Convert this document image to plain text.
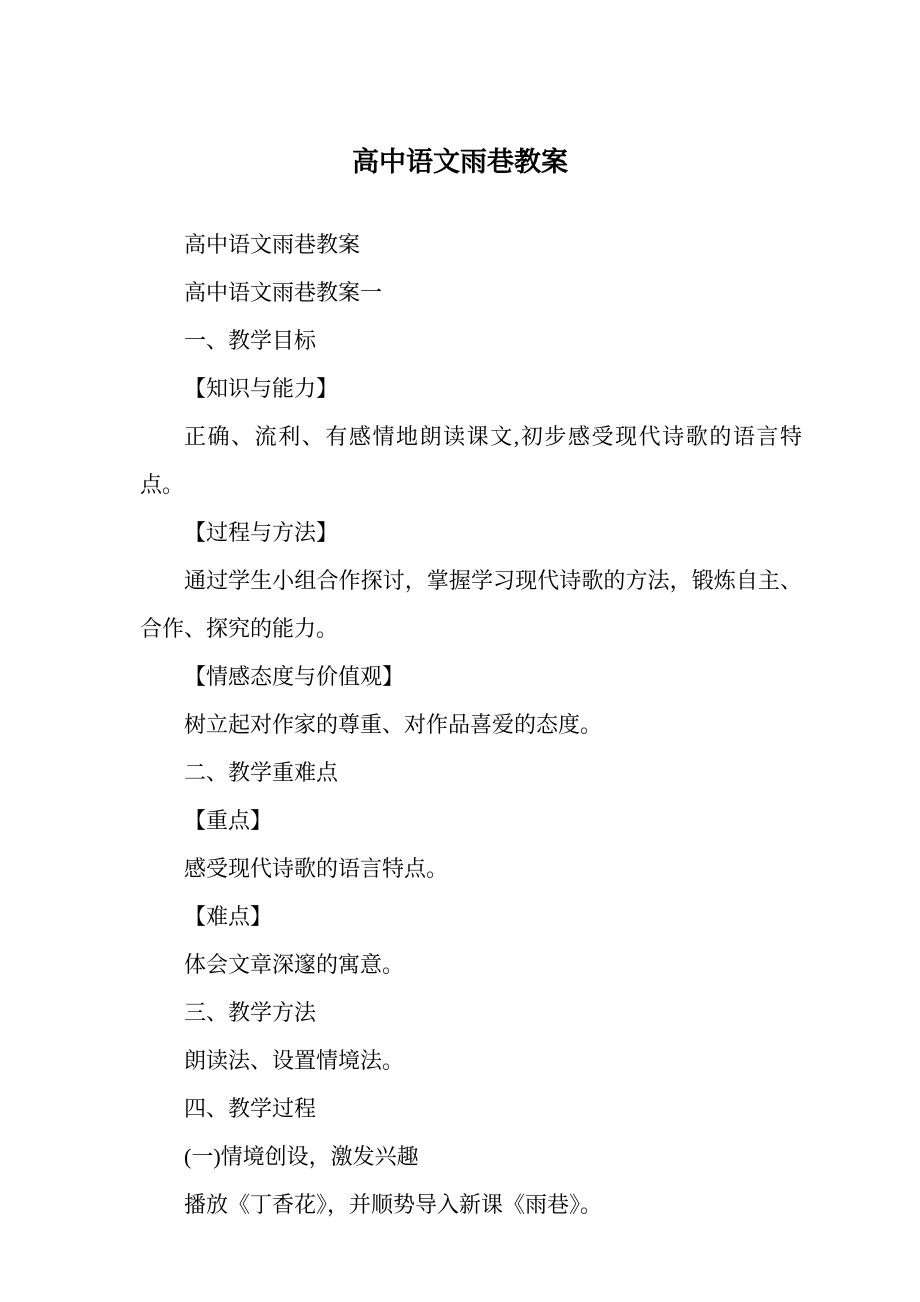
高中语文雨巷教案

高中语文雨巷教案

高中语文雨巷教案一

一、教学目标

【知识与能力】

正确、流利、有感情地朗读课文,初步感受现代诗歌的语言特点。

【过程与方法】

通过学生小组合作探讨，掌握学习现代诗歌的方法，锻炼自主、合作、探究的能力。

【情感态度与价值观】

树立起对作家的尊重、对作品喜爱的态度。

二、教学重难点

【重点】

感受现代诗歌的语言特点。

【难点】

体会文章深邃的寓意。

三、教学方法

朗读法、设置情境法。

四、教学过程

(一)情境创设，激发兴趣

播放《丁香花》，并顺势导入新课《雨巷》。
